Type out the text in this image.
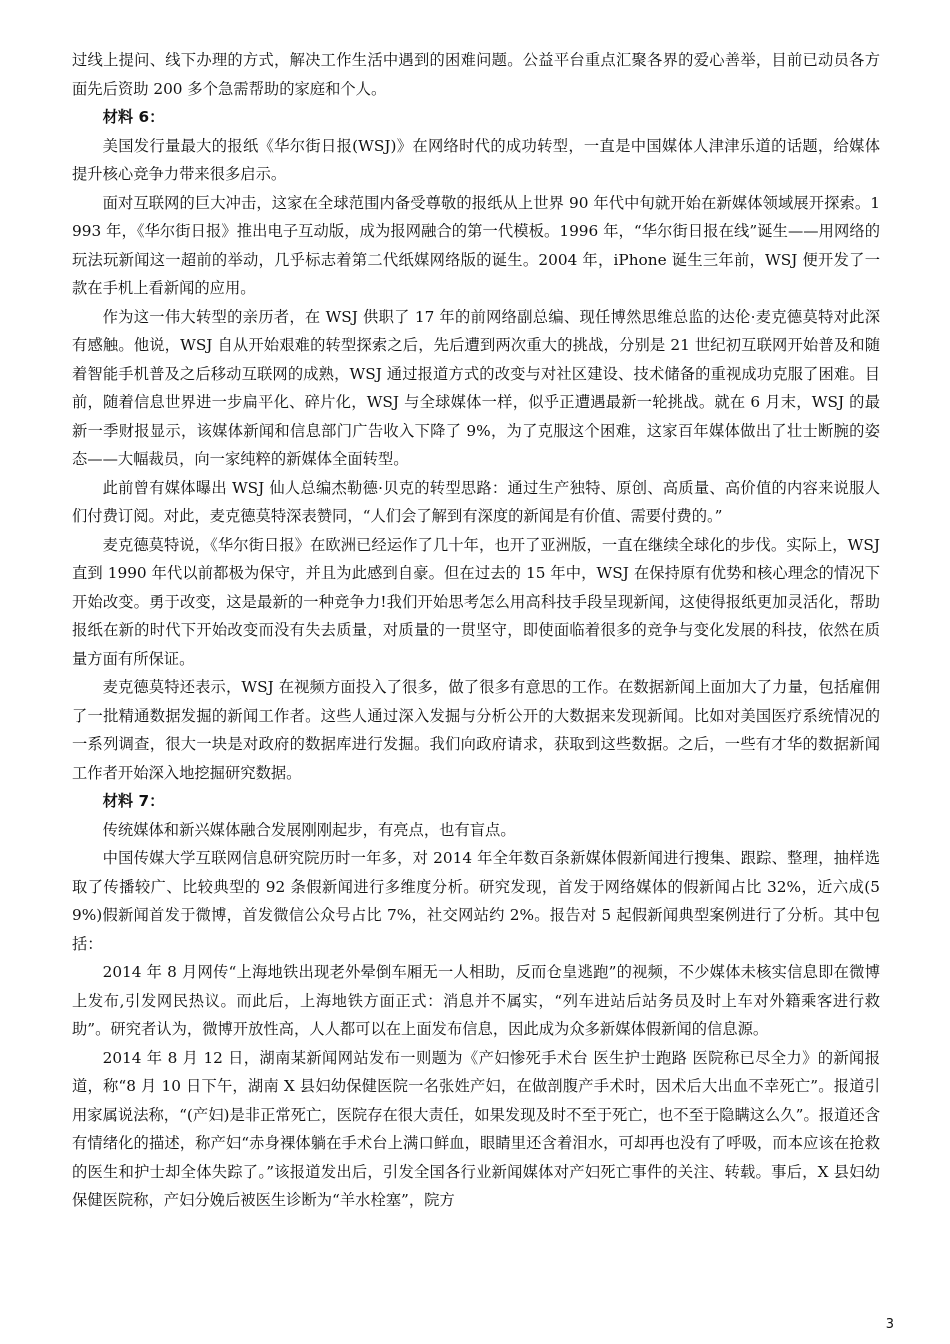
过线上提问、线下办理的方式，解决工作生活中遇到的困难问题。公益平台重点汇聚各界的爱心善举，目前已动员各方面先后资助 200 多个急需帮助的家庭和个人。

材料 6：

美国发行量最大的报纸《华尔街日报(WSJ)》在网络时代的成功转型，一直是中国媒体人津津乐道的话题，给媒体提升核心竞争力带来很多启示。

面对互联网的巨大冲击，这家在全球范围内备受尊敬的报纸从上世界 90 年代中旬就开始在新媒体领域展开探索。1993 年，《华尔街日报》推出电子互动版，成为报网融合的第一代模板。1996 年，“华尔街日报在线”诞生——用网络的玩法玩新闻这一超前的举动，几乎标志着第二代纸媒网络版的诞生。2004 年，iPhone 诞生三年前，WSJ 便开发了一款在手机上看新闻的应用。

作为这一伟大转型的亲历者，在 WSJ 供职了 17 年的前网络副总编、现任博然思维总监的达伦·麦克德莫特对此深有感触。他说，WSJ 自从开始艰难的转型探索之后，先后遭到两次重大的挑战，分别是 21 世纪初互联网开始普及和随着智能手机普及之后移动互联网的成熟，WSJ 通过报道方式的改变与对社区建设、技术储备的重视成功克服了困难。目前，随着信息世界进一步扁平化、碎片化，WSJ 与全球媒体一样，似乎正遭遇最新一轮挑战。就在 6 月末，WSJ 的最新一季财报显示，该媒体新闻和信息部门广告收入下降了 9%，为了克服这个困难，这家百年媒体做出了壮士断腕的姿态——大幅裁员，向一家纯粹的新媒体全面转型。

此前曾有媒体曝出 WSJ 仙人总编杰勒德·贝克的转型思路：通过生产独特、原创、高质量、高价值的内容来说服人们付费订阅。对此，麦克德莫特深表赞同，“人们会了解到有深度的新闻是有价值、需要付费的。”

麦克德莫特说，《华尔街日报》在欧洲已经运作了几十年，也开了亚洲版，一直在继续全球化的步伐。实际上，WSJ 直到 1990 年代以前都极为保守，并且为此感到自豪。但在过去的 15 年中，WSJ 在保持原有优势和核心理念的情况下开始改变。勇于改变，这是最新的一种竞争力!我们开始思考怎么用高科技手段呈现新闻，这使得报纸更加灵活化，帮助报纸在新的时代下开始改变而没有失去质量，对质量的一贯坚守，即使面临着很多的竞争与变化发展的科技，依然在质量方面有所保证。

麦克德莫特还表示，WSJ 在视频方面投入了很多，做了很多有意思的工作。在数据新闻上面加大了力量，包括雇佣了一批精通数据发掘的新闻工作者。这些人通过深入发掘与分析公开的大数据来发现新闻。比如对美国医疗系统情况的一系列调查，很大一块是对政府的数据库进行发掘。我们向政府请求，获取到这些数据。之后，一些有才华的数据新闻工作者开始深入地挖掘研究数据。

材料 7：

传统媒体和新兴媒体融合发展刚刚起步，有亮点，也有盲点。

中国传媒大学互联网信息研究院历时一年多，对 2014 年全年数百条新媒体假新闻进行搜集、跟踪、整理，抽样选取了传播较广、比较典型的 92 条假新闻进行多维度分析。研究发现，首发于网络媒体的假新闻占比 32%，近六成(59%)假新闻首发于微博，首发微信公众号占比 7%，社交网站约 2%。报告对 5 起假新闻典型案例进行了分析。其中包括：

2014 年 8 月网传“上海地铁出现老外晕倒车厢无一人相助，反而仓皇逃跑”的视频，不少媒体未核实信息即在微博上发布,引发网民热议。而此后，上海地铁方面正式：消息并不属实，“列车进站后站务员及时上车对外籍乘客进行救助”。研究者认为，微博开放性高，人人都可以在上面发布信息，因此成为众多新媒体假新闻的信息源。

2014 年 8 月 12 日，湖南某新闻网站发布一则题为《产妇惨死手术台 医生护士跑路 医院称已尽全力》的新闻报道，称“8 月 10 日下午，湖南 X 县妇幼保健医院一名张姓产妇，在做剖腹产手术时，因术后大出血不幸死亡”。报道引用家属说法称，“(产妇)是非正常死亡，医院存在很大责任，如果发现及时不至于死亡，也不至于隐瞒这么久”。报道还含有情绪化的描述，称产妇“赤身裸体躺在手术台上满口鲜血，眼睛里还含着泪水，可却再也没有了呼吸，而本应该在抢救的医生和护士却全体失踪了。”该报道发出后，引发全国各行业新闻媒体对产妇死亡事件的关注、转载。事后，X 县妇幼保健医院称，产妇分娩后被医生诊断为“羊水栓塞”，院方

3
